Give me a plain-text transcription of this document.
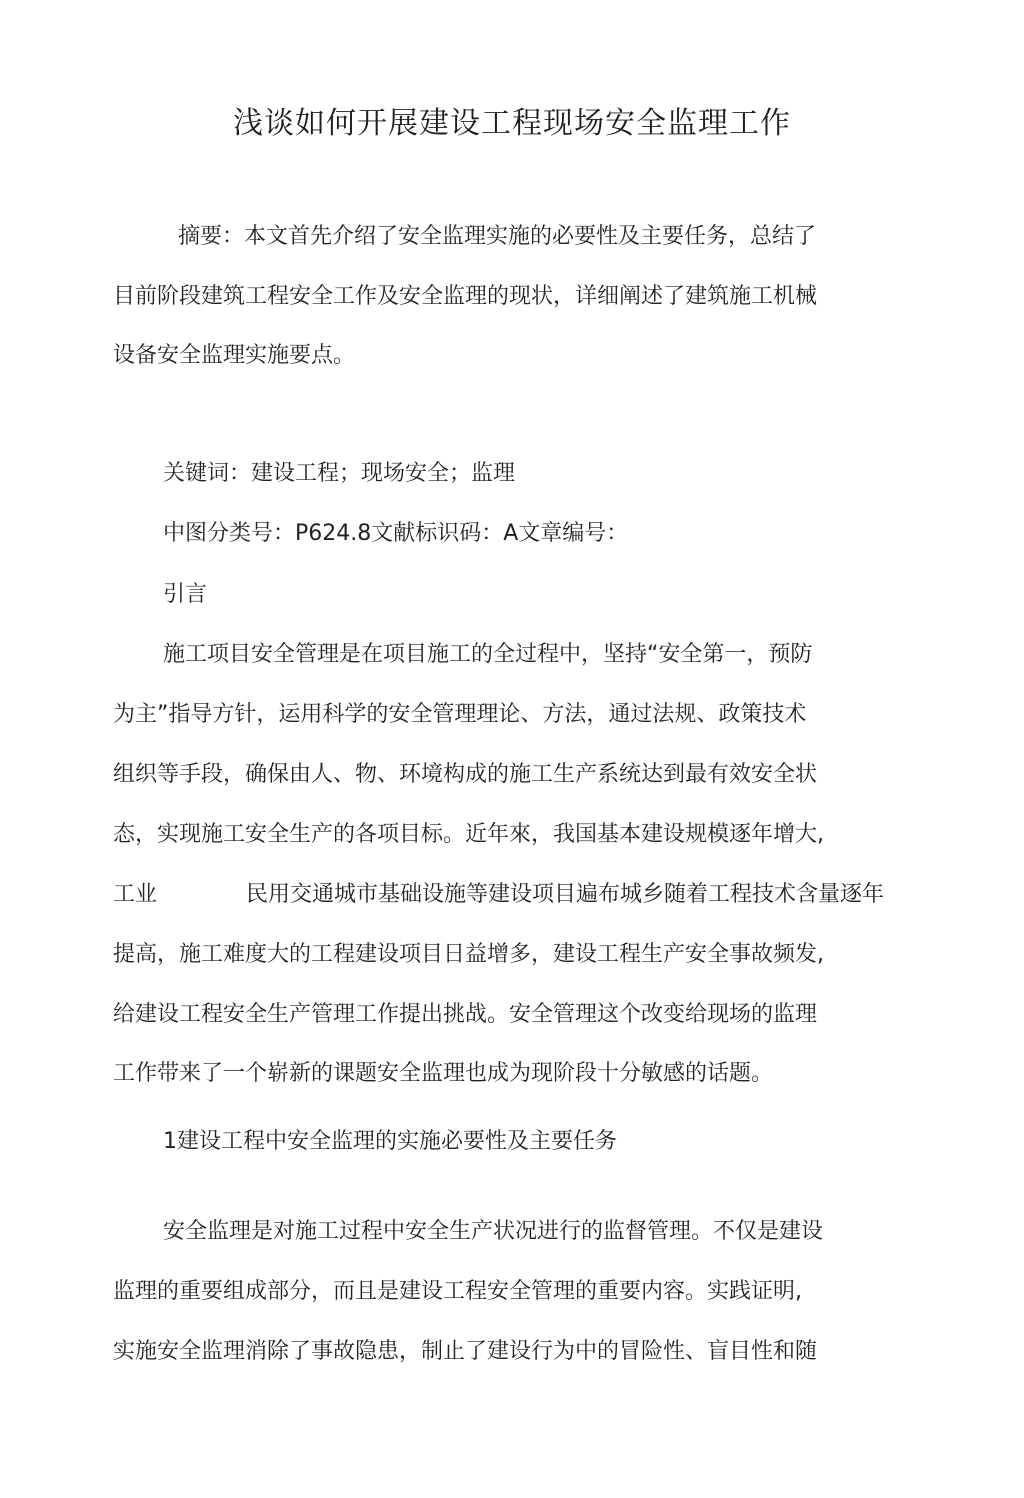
浅谈如何开展建设工程现场安全监理工作
摘要：本文首先介绍了安全监理实施的必要性及主要任务，总结了
目前阶段建筑工程安全工作及安全监理的现状，详细阐述了建筑施工机械
设备安全监理实施要点。
关键词：建设工程；现场安全；监理
中图分类号：P624.8文献标识码：A文章编号：
引言
施工项目安全管理是在项目施工的全过程中，坚持“安全第一，预防
为主”指导方针，运用科学的安全管理理论、方法，通过法规、政策技术
组织等手段，确保由人、物、环境构成的施工生产系统达到最有效安全状
态，实现施工安全生产的各项目标。近年來，我国基本建设规模逐年增大,
工业	民用交通城市基础设施等建设项目遍布城乡随着工程技术含量逐年
提高，施工难度大的工程建设项目日益增多，建设工程生产安全事故频发,
给建设工程安全生产管理工作提出挑战。安全管理这个改变给现场的监理
工作带来了一个崭新的课题安全监理也成为现阶段十分敏感的话题。
1建设工程中安全监理的实施必要性及主要任务
安全监理是对施工过程中安全生产状况进行的监督管理。不仅是建设
监理的重要组成部分，而且是建设工程安全管理的重要内容。实践证明,
实施安全监理消除了事故隐患，制止了建设行为中的冒险性、盲目性和随
